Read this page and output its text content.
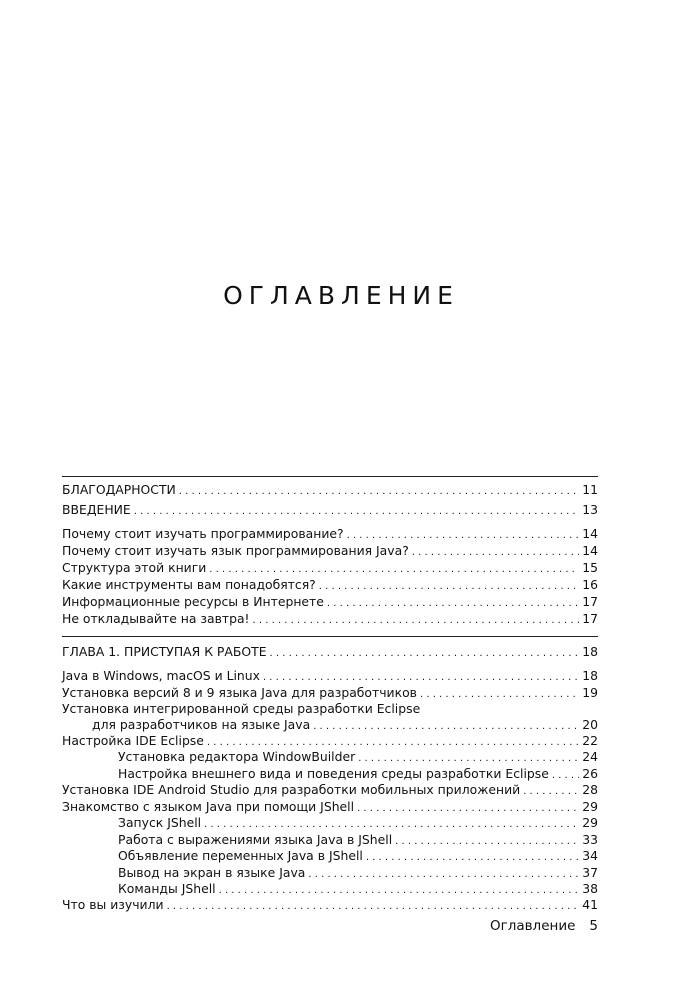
ОГЛАВЛЕНИЕ
БЛАГОДАРНОСТИ . . .	11
ВВЕДЕНИЕ . . .	13
Почему стоит изучать программирование? . . .	14
Почему стоит изучать язык программирования Java? . . .	14
Структура этой книги . . .	15
Какие инструменты вам понадобятся? . . .	16
Информационные ресурсы в Интернете . . .	17
Не откладывайте на завтра! . . .	17
ГЛАВА 1. ПРИСТУПАЯ К РАБОТЕ . . .	18
Java в Windows, macOS и Linux . . .	18
Установка версий 8 и 9 языка Java для разработчиков . . .	19
Установка интегрированной среды разработки Eclipse
для разработчиков на языке Java . . .	20
Настройка IDE Eclipse . . .	22
Установка редактора WindowBuilder . . .	24
Настройка внешнего вида и поведения среды разработки Eclipse . . .	26
Установка IDE Android Studio для разработки мобильных приложений . . .	28
Знакомство с языком Java при помощи JShell . . .	29
Запуск JShell . . .	29
Работа с выражениями языка Java в JShell . . .	33
Объявление переменных Java в JShell . . .	34
Вывод на экран в языке Java . . .	37
Команды JShell . . .	38
Что вы изучили . . .	41
Оглавление 5
